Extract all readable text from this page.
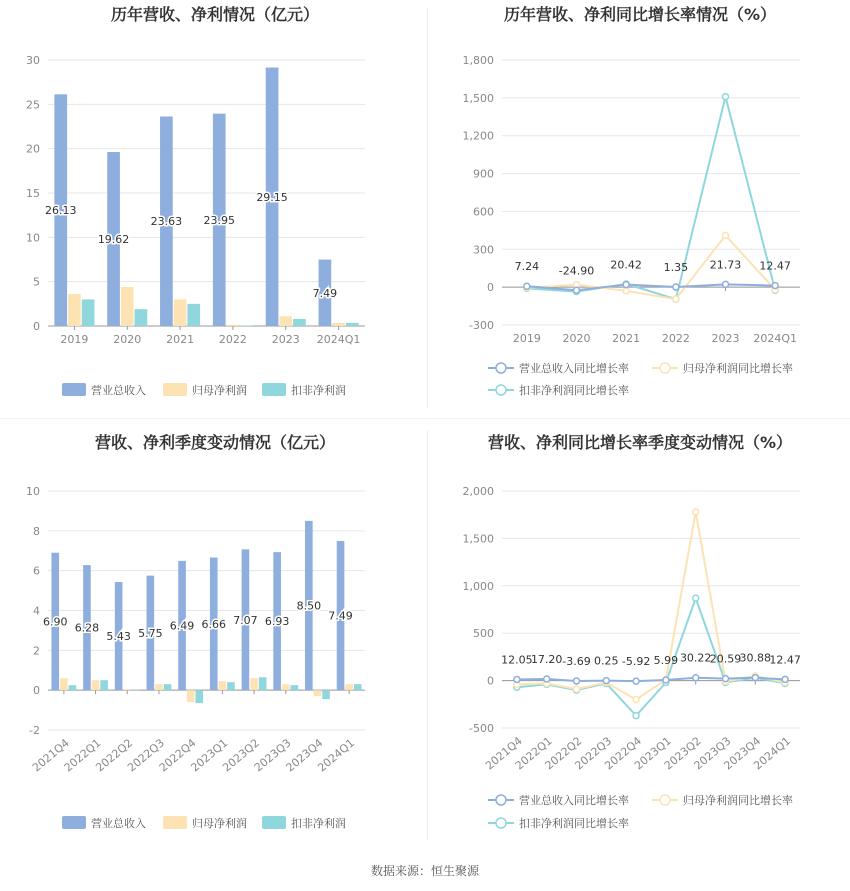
历年营收、净利情况（亿元）
0
5
10
15
20
25
30
2019 2020 2021 2022 2023 2024Q1
26.13
19.62
23.63 23.95
29.15
7.49
营业总收入	归母净利润	扣非净利润
历年营收、净利同比增长率情况（%）
-300
0
300
600
900
1,200
1,500
1,800
2019 2020 2021 2022 2023 2024Q1
7.24 -24.90 20.42 1.35 21.73 12.47
营业总收入同比增长率	归母净利润同比增长率
扣非净利润同比增长率
营收、净利季度变动情况（亿元）
-2
0
2
4
6
8
10
2021Q4
2022Q1
2022Q2
2022Q3
2022Q4
2023Q1
2023Q2
2023Q3
2023Q4
2024Q1
6.90 6.28
5.43 5.75
6.49 6.66 7.07 6.93
8.50
7.49
营业总收入	归母净利润	扣非净利润
营收、净利同比增长率季度变动情况（%）
-500
0
500
1,000
1,500
2,000
2021Q4
2022Q1
2022Q2
2022Q3
2022Q4
2023Q1
2023Q2
2023Q3
2023Q4
2024Q1
12.05
17.20 -3.69 0.25 -5.92 5.99 30.22
20.59
30.88
12.47
营业总收入同比增长率	归母净利润同比增长率
扣非净利润同比增长率
数据来源：恒生聚源
